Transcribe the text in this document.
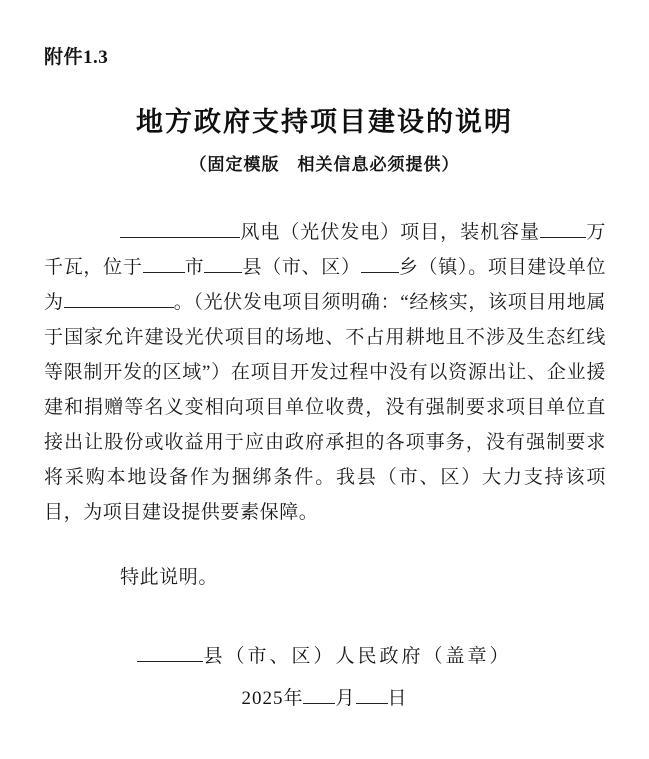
附件1.3
地方政府支持项目建设的说明
（固定模版　相关信息必须提供）

风电（光伏发电）项目，装机容量 万千瓦，位于 市 县（市、区） 乡（镇）。项目建设单位为	。（光伏发电项目须明确：“经核实，该项目用地属于国家允许建设光伏项目的场地、不占用耕地且不涉及生态红线等限制开发的区域”）在项目开发过程中没有以资源出让、企业援建和捐赠等名义变相向项目单位收费，没有强制要求项目单位直接出让股份或收益用于应由政府承担的各项事务，没有强制要求将采购本地设备作为捆绑条件。我县（市、区）大力支持该项目，为项目建设提供要素保障。

特此说明。

县（市、区）人民政府（盖章）
2025年 月 日
